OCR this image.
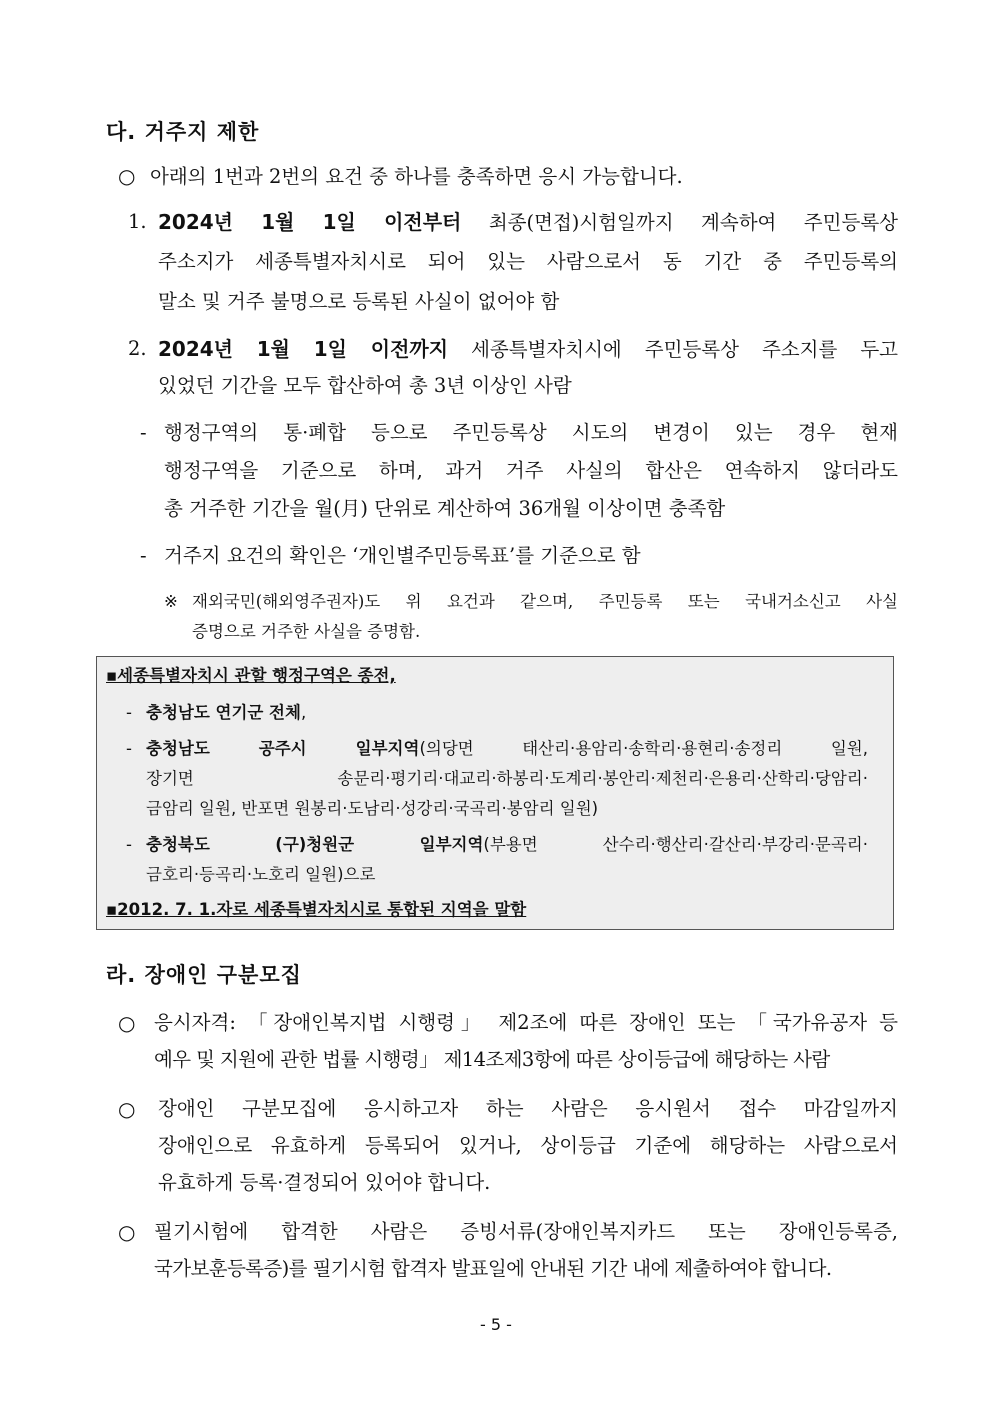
다. 거주지 제한
○ 아래의 1번과 2번의 요건 중 하나를 충족하면 응시 가능합니다.
1. 2024년 1월 1일 이전부터 최종(면접)시험일까지 계속하여 주민등록상
주소지가 세종특별자치시로 되어 있는 사람으로서 동 기간 중 주민등록의
말소 및 거주 불명으로 등록된 사실이 없어야 함
2. 2024년 1월 1일 이전까지 세종특별자치시에 주민등록상 주소지를 두고
있었던 기간을 모두 합산하여 총 3년 이상인 사람
- 행정구역의 통·폐합 등으로 주민등록상 시도의 변경이 있는 경우 현재
행정구역을 기준으로 하며, 과거 거주 사실의 합산은 연속하지 않더라도
총 거주한 기간을 월(月) 단위로 계산하여 36개월 이상이면 충족함
- 거주지 요건의 확인은 ‘개인별주민등록표’를 기준으로 함
※ 재외국민(해외영주권자)도 위 요건과 같으며, 주민등록 또는 국내거소신고 사실
증명으로 거주한 사실을 증명함.
▪세종특별자치시 관할 행정구역은 종전,
- 충청남도 연기군 전체,
- 충청남도 공주시 일부지역(의당면 태산리·용암리·송학리·용현리·송정리 일원,
장기면 송문리·평기리·대교리·하봉리·도계리·봉안리·제천리·은용리·산학리·당암리·
금암리 일원, 반포면 원봉리·도남리·성강리·국곡리·봉암리 일원)
- 충청북도 (구)청원군 일부지역(부용면 산수리·행산리·갈산리·부강리·문곡리·
금호리·등곡리·노호리 일원)으로
▪2012. 7. 1.자로 세종특별자치시로 통합된 지역을 말함
라. 장애인 구분모집
○ 응시자격: 「장애인복지법 시행령」 제2조에 따른 장애인 또는 「국가유공자 등
예우 및 지원에 관한 법률 시행령」 제14조제3항에 따른 상이등급에 해당하는 사람
○ 장애인 구분모집에 응시하고자 하는 사람은 응시원서 접수 마감일까지
장애인으로 유효하게 등록되어 있거나, 상이등급 기준에 해당하는 사람으로서
유효하게 등록·결정되어 있어야 합니다.
○ 필기시험에 합격한 사람은 증빙서류(장애인복지카드 또는 장애인등록증,
국가보훈등록증)를 필기시험 합격자 발표일에 안내된 기간 내에 제출하여야 합니다.
- 5 -
